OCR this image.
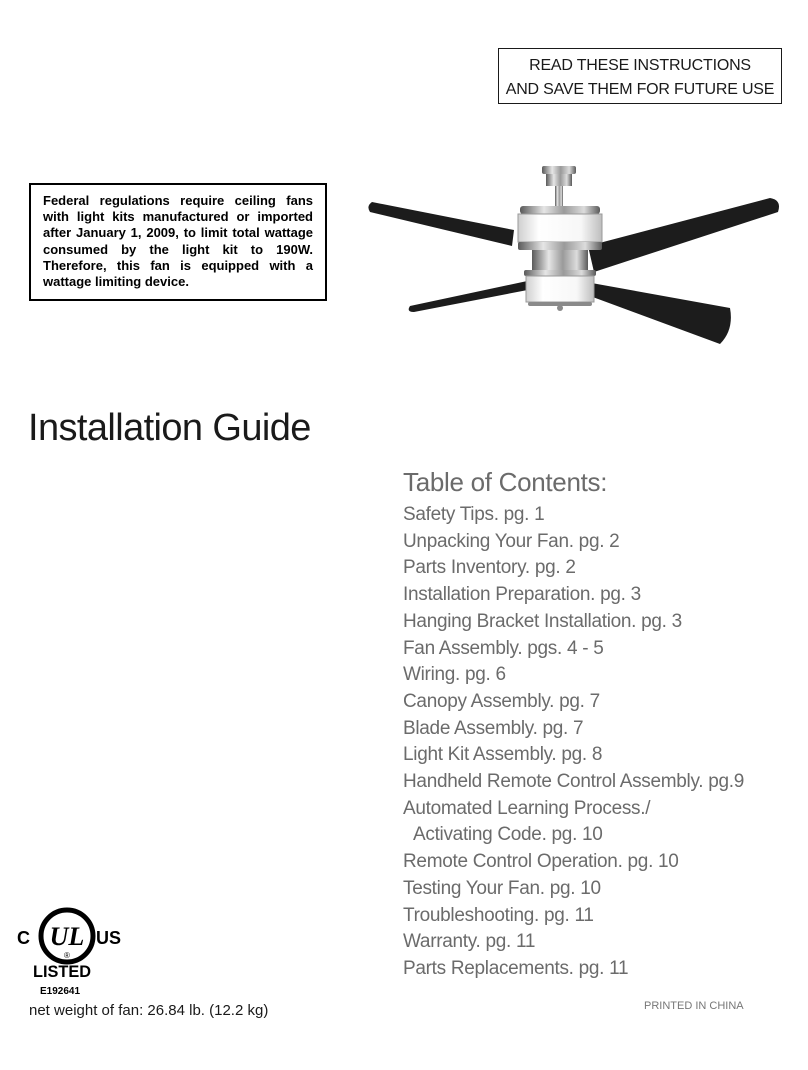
READ THESE INSTRUCTIONS
AND SAVE THEM FOR FUTURE USE
Federal regulations require ceiling fans with light kits manufactured or imported after January 1, 2009, to limit total wattage consumed by the light kit to 190W. Therefore, this fan is equipped with a wattage limiting device.
Installation Guide
Table of Contents:
Safety Tips. pg. 1
Unpacking Your Fan. pg. 2
Parts Inventory. pg. 2
Installation Preparation. pg. 3
Hanging Bracket Installation. pg. 3
Fan Assembly. pgs. 4 - 5
Wiring. pg. 6
Canopy Assembly. pg. 7
Blade Assembly. pg. 7
Light Kit Assembly. pg. 8
Handheld Remote Control Assembly. pg.9
Automated Learning Process./
Activating Code. pg. 10
Remote Control Operation. pg. 10
Testing Your Fan. pg. 10
Troubleshooting. pg. 11
Warranty. pg. 11
Parts Replacements. pg. 11
C UL
®
US
LISTED
E192641
net weight of fan: 26.84 lb. (12.2 kg)	PRINTED IN CHINA
